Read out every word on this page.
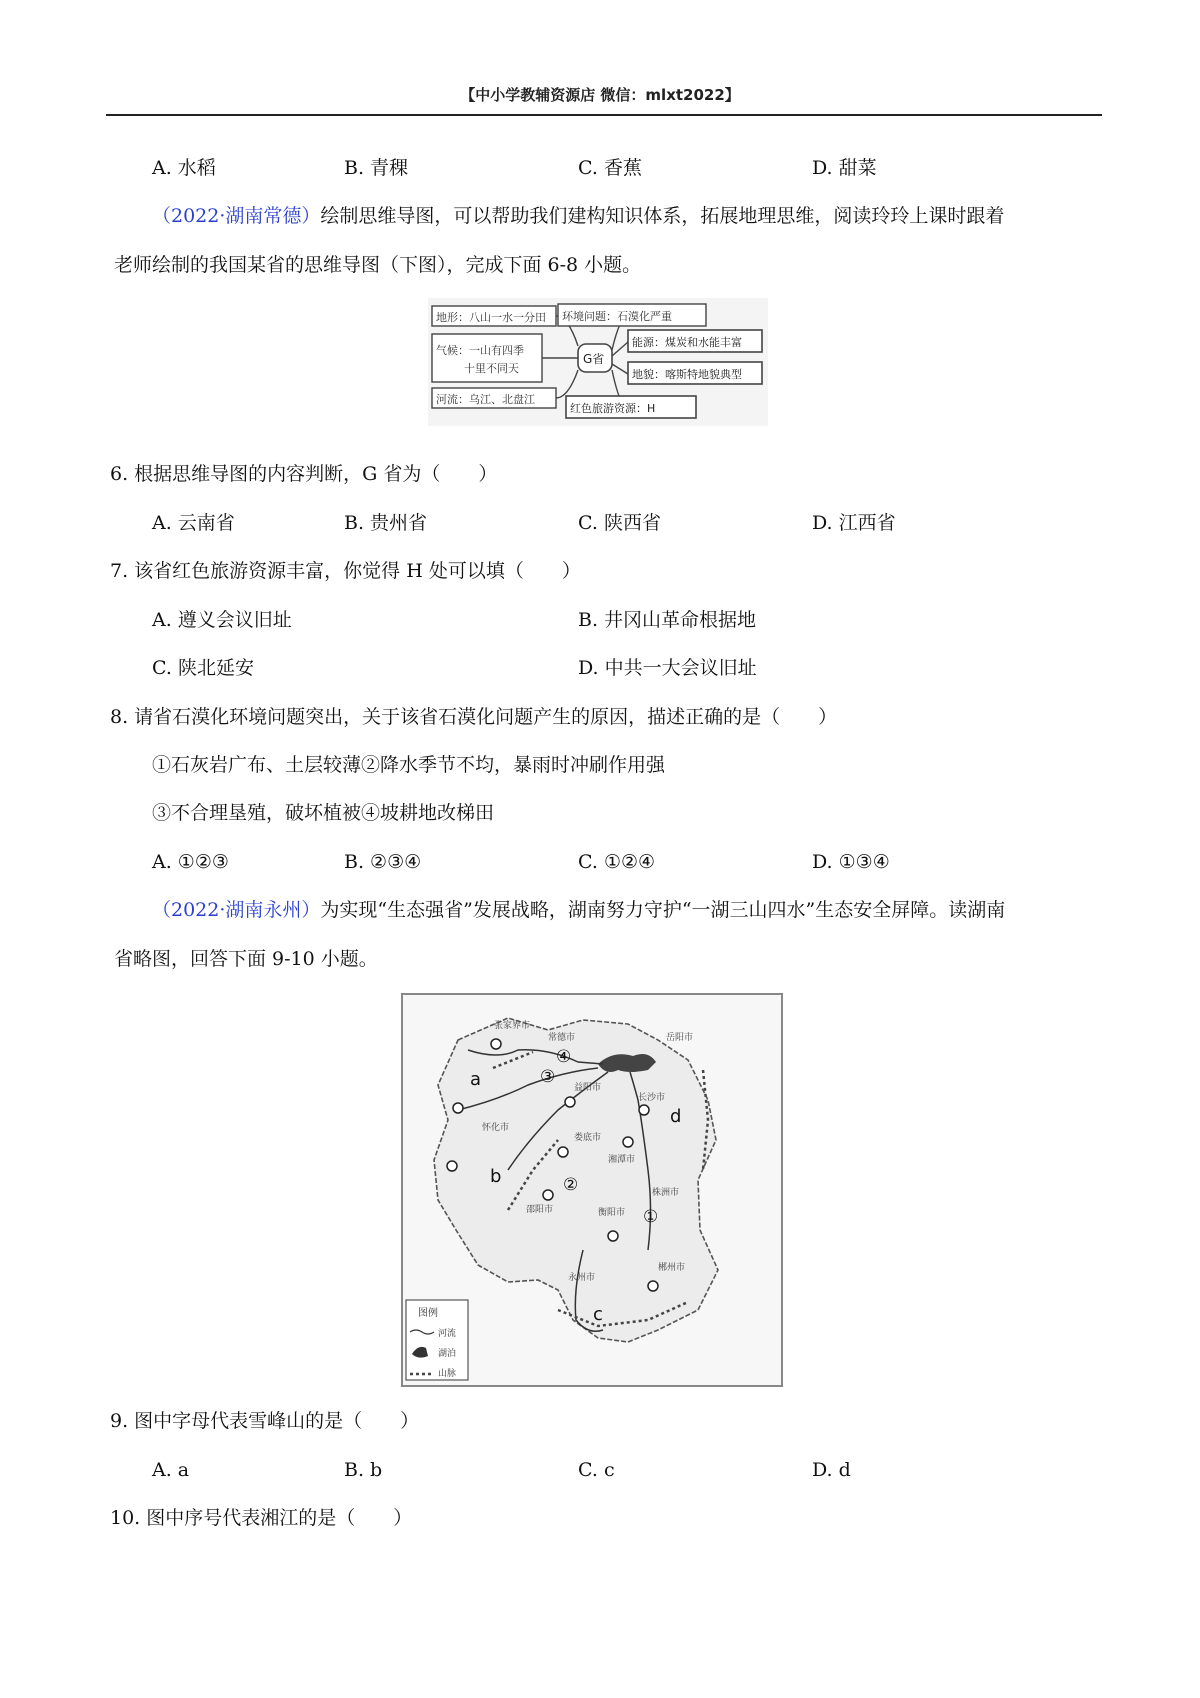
【中小学教辅资源店 微信：mlxt2022】
A. 水稻	B. 青稞	C. 香蕉	D. 甜菜
（2022·湖南常德）绘制思维导图，可以帮助我们建构知识体系，拓展地理思维，阅读玲玲上课时跟着
老师绘制的我国某省的思维导图（下图），完成下面 6-8 小题。
地形：八山一水一分田
气候：一山有四季
十里不同天
河流：乌江、北盘江
G省
环境问题：石漠化严重
能源：煤炭和水能丰富
地貌：喀斯特地貌典型
红色旅游资源：H
6. 根据思维导图的内容判断，G 省为（　　）
A. 云南省	B. 贵州省	C. 陕西省	D. 江西省
7. 该省红色旅游资源丰富，你觉得 H 处可以填（　　）
A. 遵义会议旧址	B. 井冈山革命根据地
C. 陕北延安	D. 中共一大会议旧址
8. 请省石漠化环境问题突出，关于该省石漠化问题产生的原因，描述正确的是（　　）
①石灰岩广布、土层较薄②降水季节不均，暴雨时冲刷作用强
③不合理垦殖，破坏植被④坡耕地改梯田
A. ①②③	B. ②③④	C. ①②④	D. ①③④
（2022·湖南永州）为实现“生态强省”发展战略，湖南努力守护“一湖三山四水”生态安全屏障。读湖南
省略图，回答下面 9-10 小题。
张家界市
常德市
益阳市
岳阳市
怀化市
娄底市
长沙市
湘潭市
邵阳市	衡阳市
株洲市
永州市
郴州市
a
b
c
d
①
②
③
④
图例
河流
湖泊
山脉
9. 图中字母代表雪峰山的是（　　）
A. a	B. b	C. c	D. d
10. 图中序号代表湘江的是（　　）
